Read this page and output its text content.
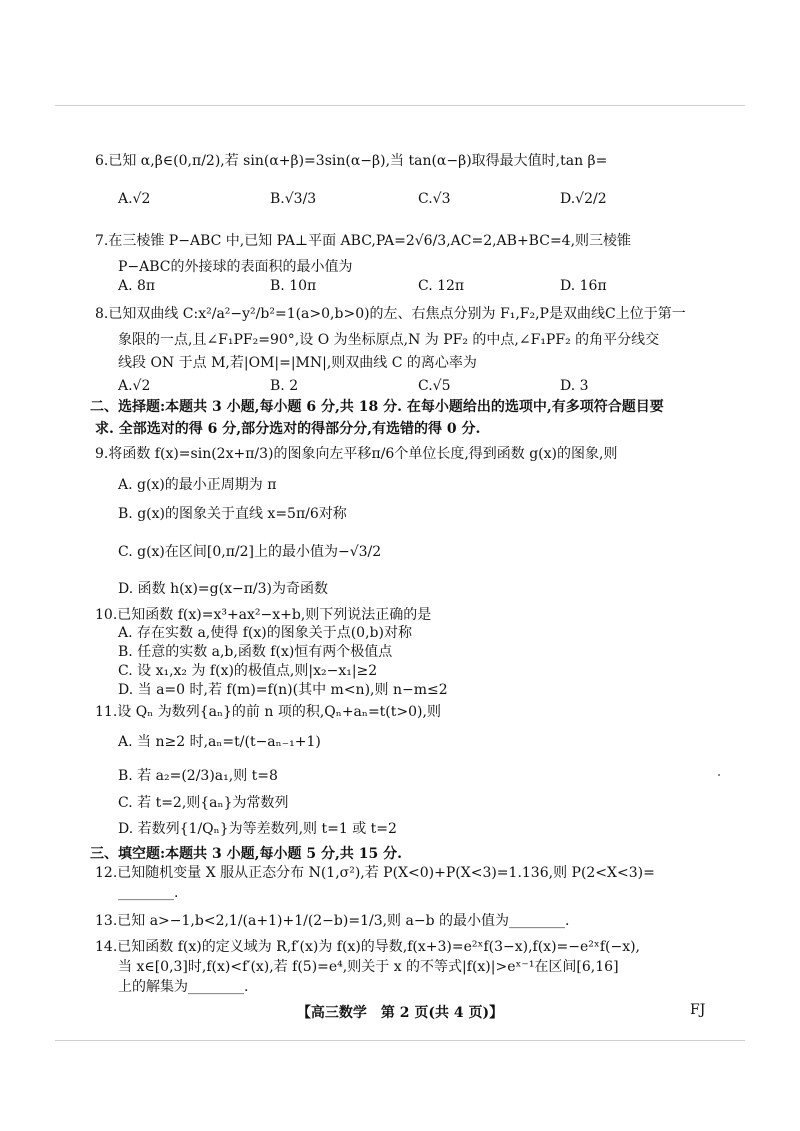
6.已知 α,β∈(0,π/2),若 sin(α+β)=3sin(α−β),当 tan(α−β)取得最大值时,tan β=
A.√2	B.√3/3	C.√3	D.√2/2
7.在三棱锥 P−ABC 中,已知 PA⊥平面 ABC,PA=2√6/3,AC=2,AB+BC=4,则三棱锥
P−ABC的外接球的表面积的最小值为
A. 8π	B. 10π	C. 12π	D. 16π
8.已知双曲线 C:x²/a²−y²/b²=1(a>0,b>0)的左、右焦点分别为 F₁,F₂,P是双曲线C上位于第一
象限的一点,且∠F₁PF₂=90°,设 O 为坐标原点,N 为 PF₂ 的中点,∠F₁PF₂ 的角平分线交
线段 ON 于点 M,若|OM|=|MN|,则双曲线 C 的离心率为
A.√2	B. 2	C.√5	D. 3
二、选择题:本题共 3 小题,每小题 6 分,共 18 分. 在每小题给出的选项中,有多项符合题目要
求. 全部选对的得 6 分,部分选对的得部分分,有选错的得 0 分.
9.将函数 f(x)=sin(2x+π/3)的图象向左平移π/6个单位长度,得到函数 g(x)的图象,则
A. g(x)的最小正周期为 π
B. g(x)的图象关于直线 x=5π/6对称
C. g(x)在区间[0,π/2]上的最小值为−√3/2
D. 函数 h(x)=g(x−π/3)为奇函数
10.已知函数 f(x)=x³+ax²−x+b,则下列说法正确的是
A. 存在实数 a,使得 f(x)的图象关于点(0,b)对称
B. 任意的实数 a,b,函数 f(x)恒有两个极值点
C. 设 x₁,x₂ 为 f(x)的极值点,则|x₂−x₁|≥2
D. 当 a=0 时,若 f(m)=f(n)(其中 m<n),则 n−m≤2
11.设 Qₙ 为数列{aₙ}的前 n 项的积,Qₙ+aₙ=t(t>0),则
A. 当 n≥2 时,aₙ=t/(t−aₙ₋₁+1)
B. 若 a₂=(2/3)a₁,则 t=8
C. 若 t=2,则{aₙ}为常数列
D. 若数列{1/Qₙ}为等差数列,则 t=1 或 t=2
三、填空题:本题共 3 小题,每小题 5 分,共 15 分.
12.已知随机变量 X 服从正态分布 N(1,σ²),若 P(X<0)+P(X<3)=1.136,则 P(2<X<3)=
________.
13.已知 a>−1,b<2,1/(a+1)+1/(2−b)=1/3,则 a−b 的最小值为________.
14.已知函数 f(x)的定义域为 R,f′(x)为 f(x)的导数,f(x+3)=e²ˣf(3−x),f(x)=−e²ˣf(−x),
当 x∈[0,3]时,f(x)<f′(x),若 f(5)=e⁴,则关于 x 的不等式|f(x)|>eˣ⁻¹在区间[6,16]
上的解集为________.
【高三数学　第 2 页(共 4 页)】	FJ
